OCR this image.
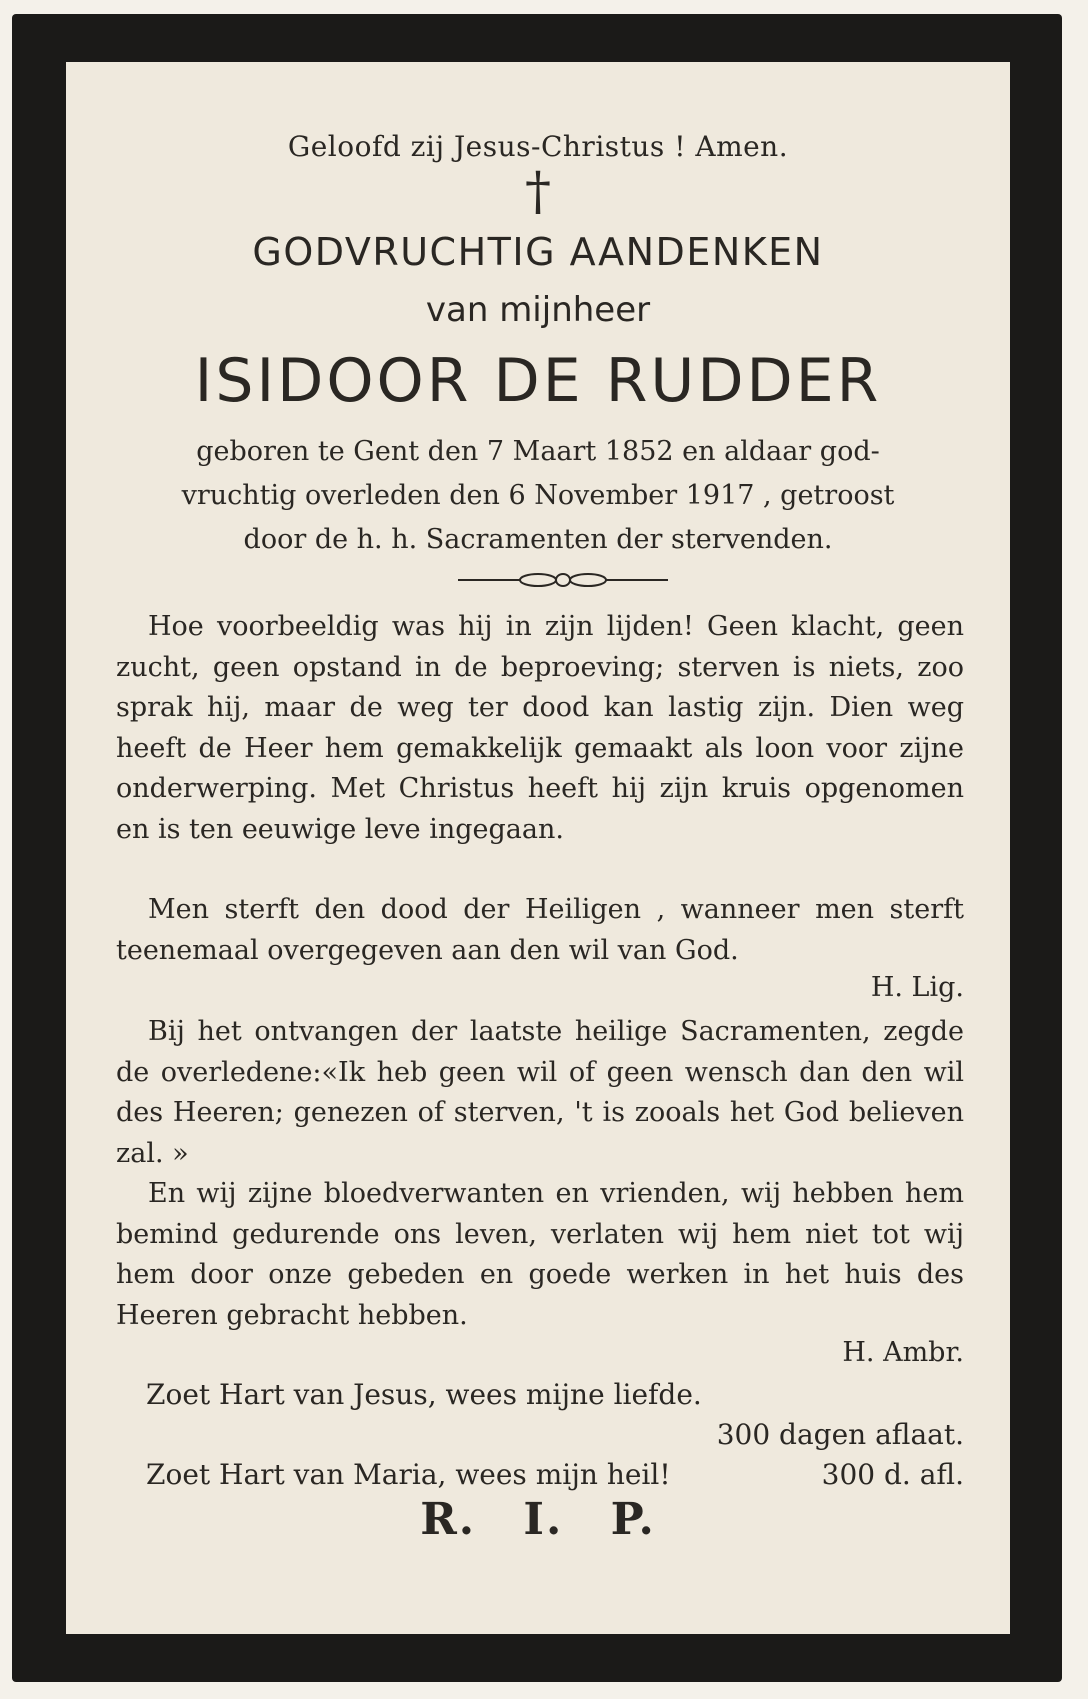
Geloofd zij Jesus-Christus ! Amen.
†
GODVRUCHTIG AANDENKEN
van mijnheer
ISIDOOR DE RUDDER
geboren te Gent den 7 Maart 1852 en aldaar god-
vruchtig overleden den 6 November 1917 , getroost
door de h. h. Sacramenten der stervenden.
Hoe voorbeeldig was hij in zijn lijden! Geen klacht, geen zucht, geen opstand in de beproeving; sterven is niets, zoo sprak hij, maar de weg ter dood kan lastig zijn. Dien weg heeft de Heer hem gemakkelijk gemaakt als loon voor zijne onderwerping. Met Christus heeft hij zijn kruis opgenomen en is ten eeuwige leve ingegaan.
Men sterft den dood der Heiligen , wanneer men sterft teenemaal overgegeven aan den wil van God.
H. Lig.
Bij het ontvangen der laatste heilige Sacramenten, zegde de overledene:«Ik heb geen wil of geen wensch dan den wil des Heeren; genezen of sterven, 't is zooals het God believen zal. »
En wij zijne bloedverwanten en vrienden, wij hebben hem bemind gedurende ons leven, verlaten wij hem niet tot wij hem door onze gebeden en goede werken in het huis des Heeren gebracht hebben.
H. Ambr.
Zoet Hart van Jesus, wees mijne liefde.
300 dagen aflaat.
Zoet Hart van Maria, wees mijn heil!	300 d. afl.
R. I. P.
